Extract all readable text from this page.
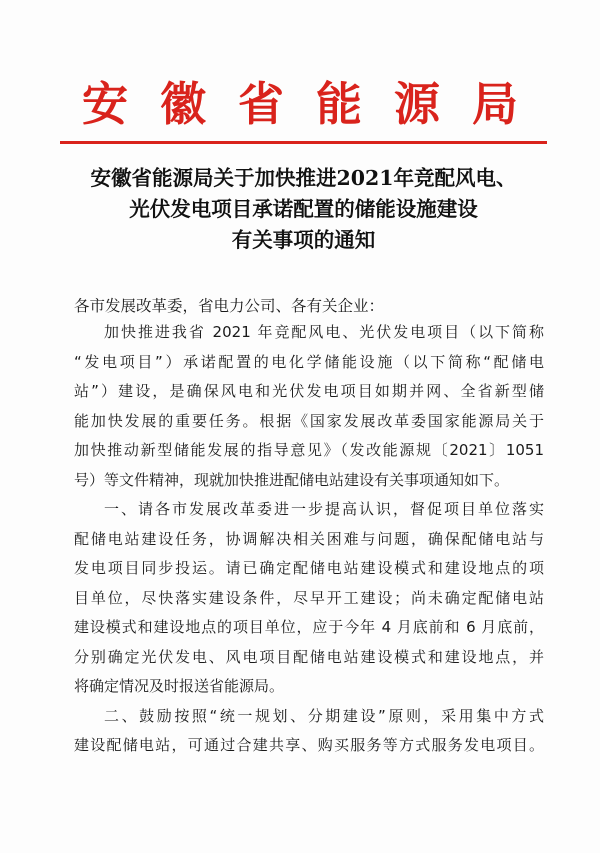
安徽省能源局
安徽省能源局关于加快推进2021年竞配风电、
光伏发电项目承诺配置的储能设施建设
有关事项的通知
各市发展改革委，省电力公司、各有关企业：
加快推进我省 2021 年竞配风电、光伏发电项目（以下简称
“发电项目”）承诺配置的电化学储能设施（以下简称“配储电
站”）建设，是确保风电和光伏发电项目如期并网、全省新型储
能加快发展的重要任务。根据《国家发展改革委国家能源局关于
加快推动新型储能发展的指导意见》（发改能源规〔2021〕1051
号）等文件精神，现就加快推进配储电站建设有关事项通知如下。
一、请各市发展改革委进一步提高认识，督促项目单位落实
配储电站建设任务，协调解决相关困难与问题，确保配储电站与
发电项目同步投运。请已确定配储电站建设模式和建设地点的项
目单位，尽快落实建设条件，尽早开工建设；尚未确定配储电站
建设模式和建设地点的项目单位，应于今年 4 月底前和 6 月底前，
分别确定光伏发电、风电项目配储电站建设模式和建设地点，并
将确定情况及时报送省能源局。
二、鼓励按照“统一规划、分期建设”原则，采用集中方式
建设配储电站，可通过合建共享、购买服务等方式服务发电项目。
